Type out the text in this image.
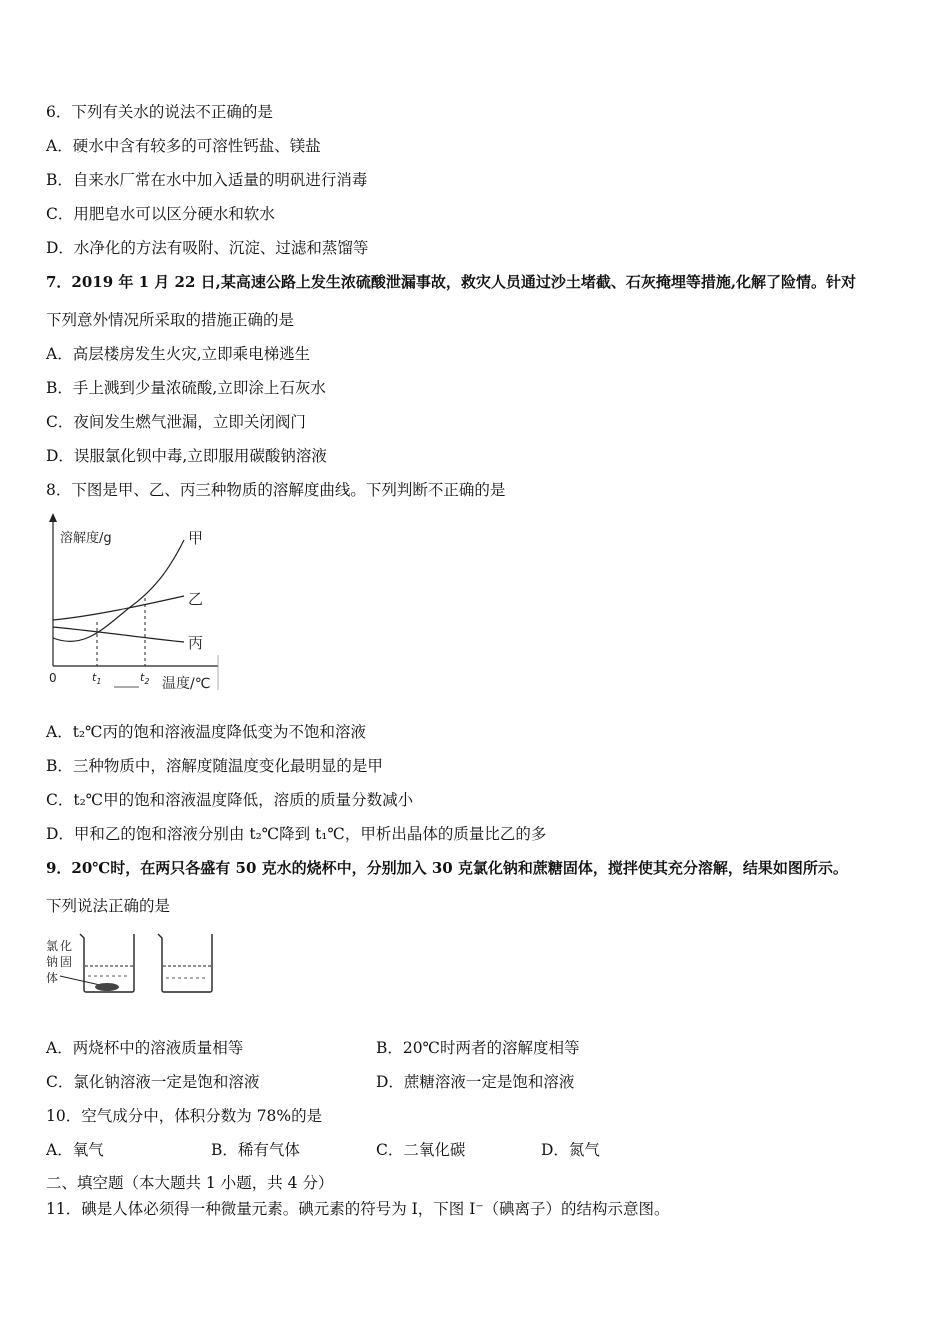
6．下列有关水的说法不正确的是
A．硬水中含有较多的可溶性钙盐、镁盐
B．自来水厂常在水中加入适量的明矾进行消毒
C．用肥皂水可以区分硬水和软水
D．水净化的方法有吸附、沉淀、过滤和蒸馏等
7．2019 年 1 月 22 日,某高速公路上发生浓硫酸泄漏事故，救灾人员通过沙土堵截、石灰掩埋等措施,化解了险情。针对
下列意外情况所采取的措施正确的是
A．高层楼房发生火灾,立即乘电梯逃生
B．手上溅到少量浓硫酸,立即涂上石灰水
C．夜间发生燃气泄漏，立即关闭阀门
D．误服氯化钡中毒,立即服用碳酸钠溶液
8．下图是甲、乙、丙三种物质的溶解度曲线。下列判断不正确的是
溶解度/g	甲
乙
丙
0	$t_1$	$t_2$ 温度/℃
A．t₂℃丙的饱和溶液温度降低变为不饱和溶液
B．三种物质中，溶解度随温度变化最明显的是甲
C．t₂℃甲的饱和溶液温度降低，溶质的质量分数减小
D．甲和乙的饱和溶液分别由 t₂℃降到 t₁℃，甲析出晶体的质量比乙的多
9．20℃时，在两只各盛有 50 克水的烧杯中，分别加入 30 克氯化钠和蔗糖固体，搅拌使其充分溶解，结果如图所示。
下列说法正确的是
氯 化
钠 固
体
A．两烧杯中的溶液质量相等	B．20℃时两者的溶解度相等
C．氯化钠溶液一定是饱和溶液	D．蔗糖溶液一定是饱和溶液
10．空气成分中，体积分数为 78%的是
A．氧气	B．稀有气体	C．二氧化碳	D．氮气
二、填空题（本大题共 1 小题，共 4 分）
11．碘是人体必须得一种微量元素。碘元素的符号为 I，下图 I⁻（碘离子）的结构示意图。
